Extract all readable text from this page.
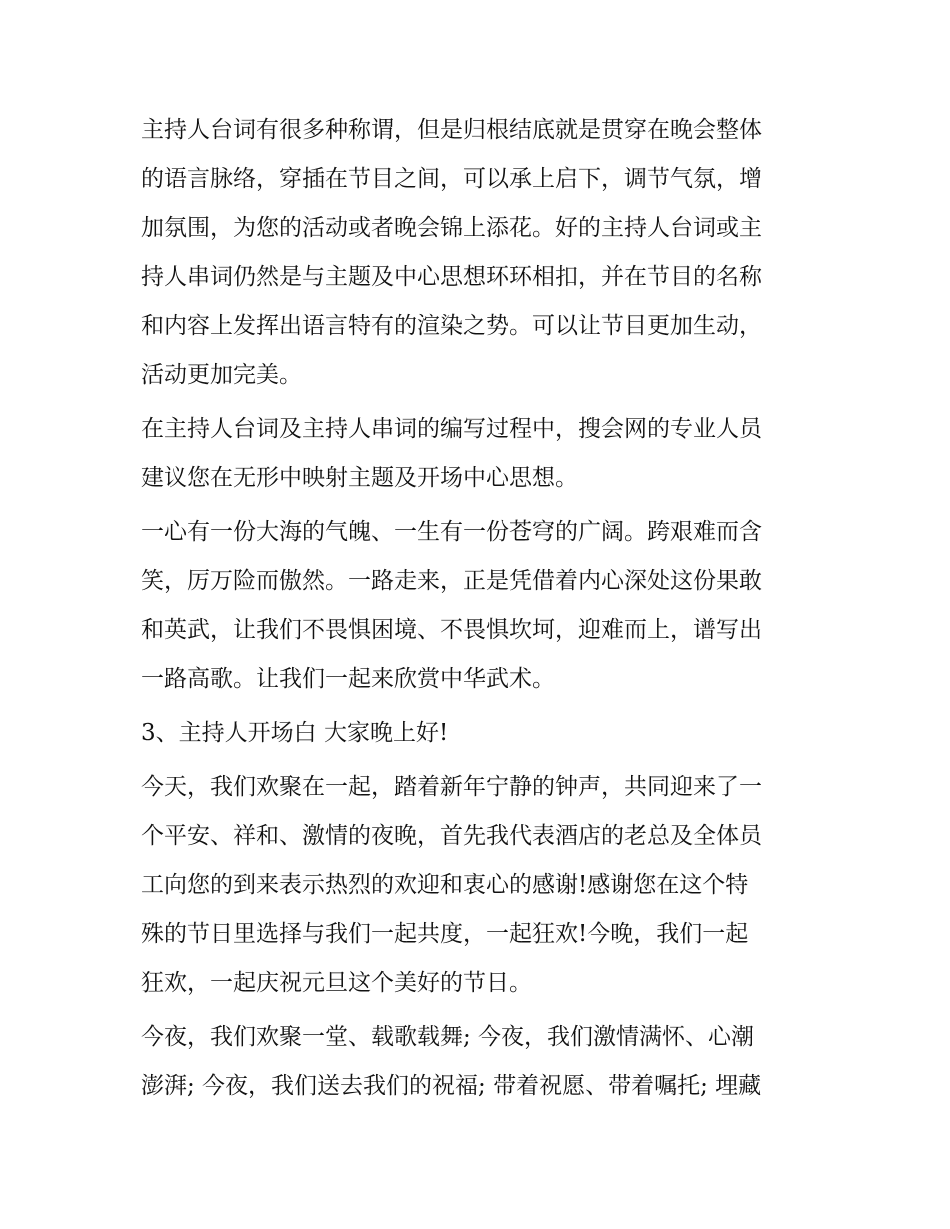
主持人台词有很多种称谓，但是归根结底就是贯穿在晚会整体
的语言脉络，穿插在节目之间，可以承上启下，调节气氛，增
加氛围，为您的活动或者晚会锦上添花。好的主持人台词或主
持人串词仍然是与主题及中心思想环环相扣，并在节目的名称
和内容上发挥出语言特有的渲染之势。可以让节目更加生动，
活动更加完美。
在主持人台词及主持人串词的编写过程中，搜会网的专业人员
建议您在无形中映射主题及开场中心思想。
一心有一份大海的气魄、一生有一份苍穹的广阔。跨艰难而含
笑，厉万险而傲然。一路走来，正是凭借着内心深处这份果敢
和英武，让我们不畏惧困境、不畏惧坎坷，迎难而上，谱写出
一路高歌。让我们一起来欣赏中华武术。
3、主持人开场白 大家晚上好!
今天，我们欢聚在一起，踏着新年宁静的钟声，共同迎来了一
个平安、祥和、激情的夜晚，首先我代表酒店的老总及全体员
工向您的到来表示热烈的欢迎和衷心的感谢!感谢您在这个特
殊的节日里选择与我们一起共度，一起狂欢!今晚，我们一起
狂欢，一起庆祝元旦这个美好的节日。
今夜，我们欢聚一堂、载歌载舞; 今夜，我们激情满怀、心潮
澎湃; 今夜，我们送去我们的祝福; 带着祝愿、带着嘱托; 埋藏
